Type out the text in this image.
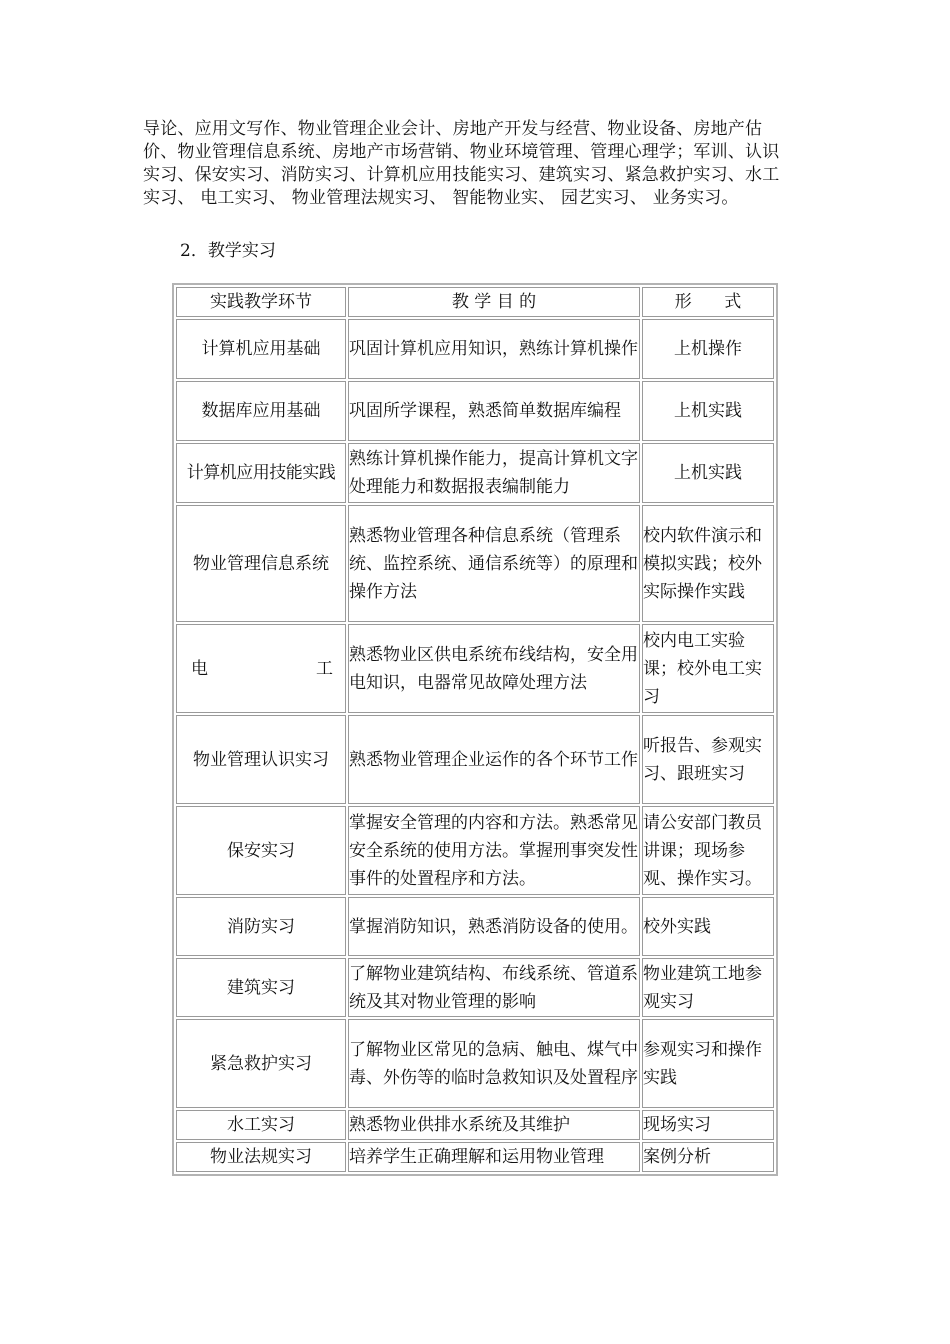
导论、应用文写作、物业管理企业会计、房地产开发与经营、物业设备、房地产估
价、物业管理信息系统、房地产市场营销、物业环境管理、管理心理学；军训、认识
实习、保安实习、消防实习、计算机应用技能实习、建筑实习、紧急救护实习、水工
实习、 电工实习、 物业管理法规实习、 智能物业实、 园艺实习、 业务实习。

2．教学实习

实践教学环节	教 学 目 的	形      式
计算机应用基础	巩固计算机应用知识，熟练计算机操作	上机操作
数据库应用基础	巩固所学课程，熟悉简单数据库编程	上机实践
计算机应用技能实践	熟练计算机操作能力，提高计算机文字处理能力和数据报表编制能力	上机实践
物业管理信息系统	熟悉物业管理各种信息系统（管理系统、监控系统、通信系统等）的原理和操作方法	校内软件演示和模拟实践；校外实际操作实践

电 工	熟悉物业区供电系统布线结构，安全用电知识，电器常见故障处理方法	校内电工实验课；校外电工实习
物业管理认识实习	熟悉物业管理企业运作的各个环节工作	听报告、参观实习、跟班实习
保安实习	掌握安全管理的内容和方法。熟悉常见安全系统的使用方法。掌握刑事突发性事件的处置程序和方法。	请公安部门教员讲课；现场参观、操作实习。
消防实习	掌握消防知识，熟悉消防设备的使用。	校外实践
建筑实习	了解物业建筑结构、布线系统、管道系统及其对物业管理的影响	物业建筑工地参观实习
紧急救护实习	了解物业区常见的急病、触电、煤气中毒、外伤等的临时急救知识及处置程序	参观实习和操作实践
水工实习	熟悉物业供排水系统及其维护	现场实习
物业法规实习	培养学生正确理解和运用物业管理	案例分析
